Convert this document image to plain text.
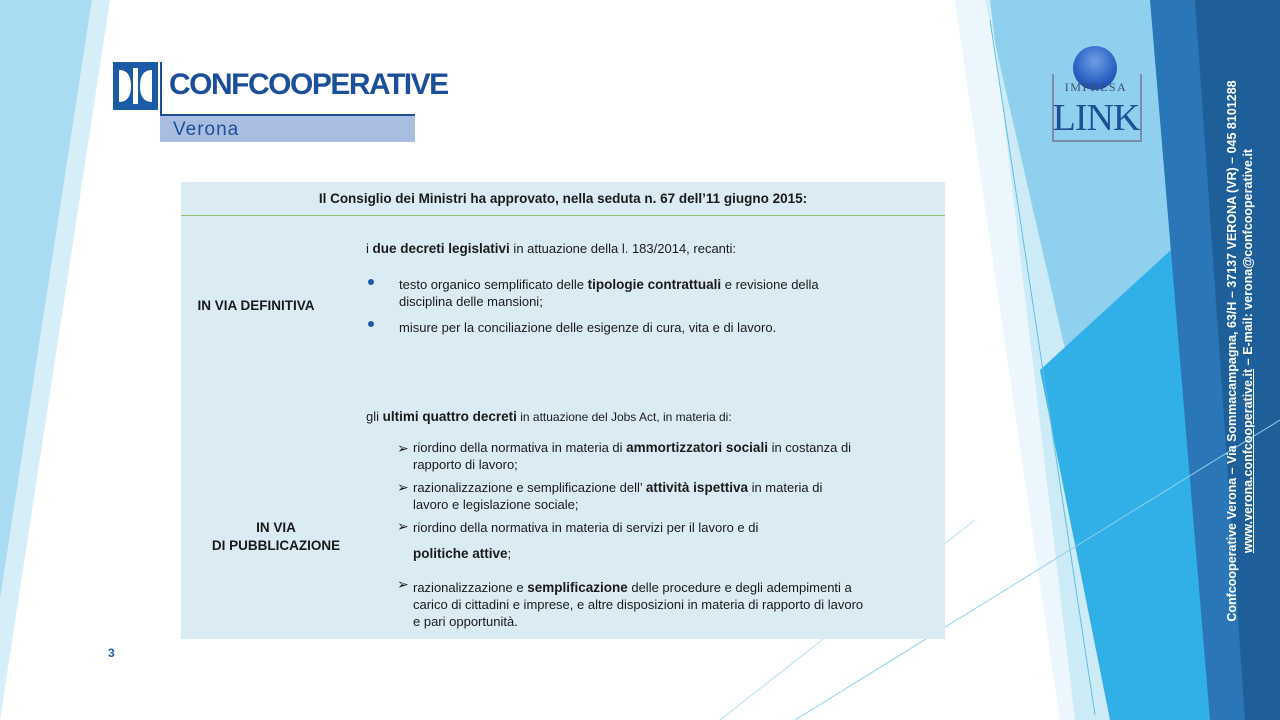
CONFCOOPERATIVE
Verona
IMPRESA
LINK	Confcooperative Verona – Via Sommacampagna, 63/H – 37137 VERONA (VR) – 045 8101288 www.verona.confcooperative.it – E-mail: verona@confcooperative.it
Il Consiglio dei Ministri ha approvato, nella seduta n. 67 dell’11 giugno 2015:
IN VIA DEFINITIVA
i due decreti legislativi in attuazione della l. 183/2014, recanti:
testo organico semplificato delle tipologie contrattuali e revisione della
disciplina delle mansioni;
misure per la conciliazione delle esigenze di cura, vita e di lavoro.
IN VIA
DI PUBBLICAZIONE
gli ultimi quattro decreti in attuazione del Jobs Act, in materia di:
➢ riordino della normativa in materia di ammortizzatori sociali in costanza di
rapporto di lavoro;
➢ razionalizzazione e semplificazione dell’ attività ispettiva in materia di
lavoro e legislazione sociale;
➢ riordino della normativa in materia di servizi per il lavoro e di
politiche attive;
➢ razionalizzazione e semplificazione delle procedure e degli adempimenti a
carico di cittadini e imprese, e altre disposizioni in materia di rapporto di lavoro
e pari opportunità.
3
